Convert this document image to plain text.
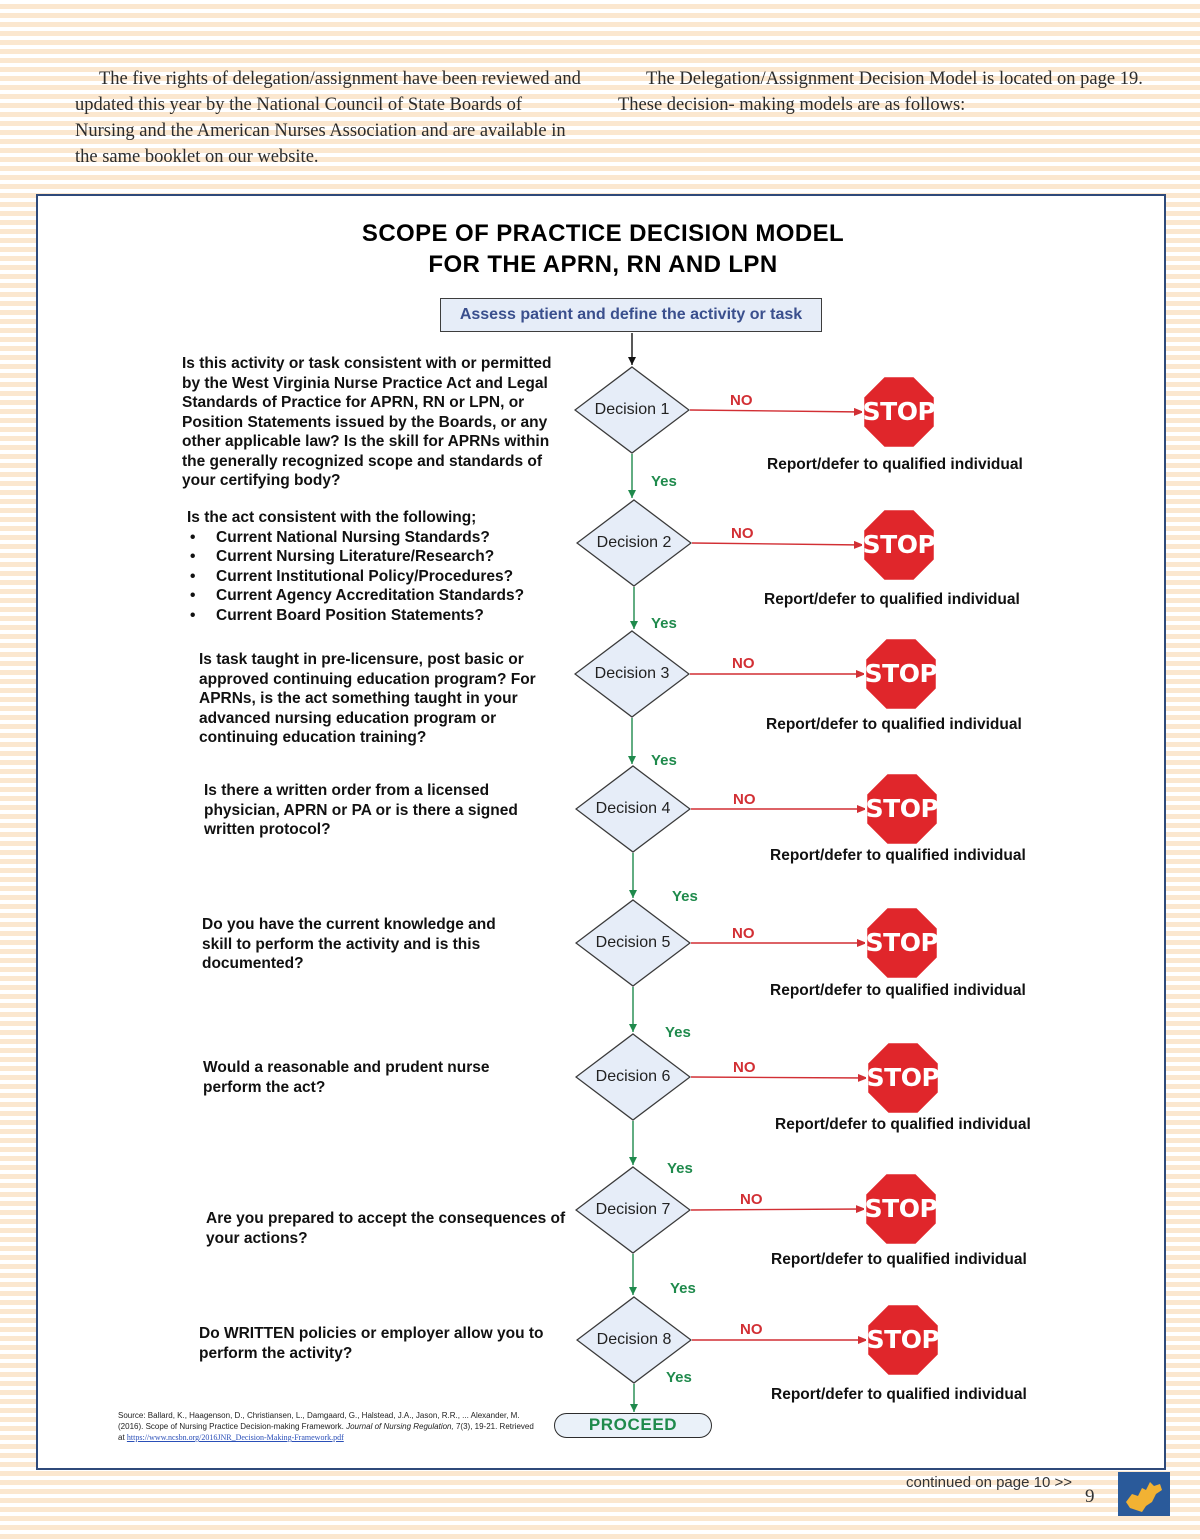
The five rights of delegation/assignment have been reviewed and updated this year by the National Council of State Boards of Nursing and the American Nurses Association and are available in the same booklet on our website.

The Delegation/Assignment Decision Model is located on page 19. These decision- making models are as follows:

SCOPE OF PRACTICE DECISION MODEL
FOR THE APRN, RN AND LPN
Assess patient and define the activity or task
Is this activity or task consistent with or permitted by the West Virginia Nurse Practice Act and Legal Standards of Practice for APRN, RN or LPN, or Position Statements issued by the Boards, or any other applicable law? Is the skill for APRNs within the generally recognized scope and standards of your certifying body?
Decision 1
NO
Yes
STOP
Report/defer to qualified individual
Is the act consistent with the following;
• Current National Nursing Standards?
• Current Nursing Literature/Research?
• Current Institutional Policy/Procedures?
• Current Agency Accreditation Standards?
• Current Board Position Statements?
Decision 2
NO
Yes
STOP
Report/defer to qualified individual
Is task taught in pre-licensure, post basic or approved continuing education program? For APRNs, is the act something taught in your advanced nursing education program or continuing education training?
Decision 3
NO
Yes
STOP
Report/defer to qualified individual
Is there a written order from a licensed physician, APRN or PA or is there a signed written protocol?
Decision 4
NO
Yes
STOP
Report/defer to qualified individual
Do you have the current knowledge and skill to perform the activity and is this documented?
Decision 5
NO
Yes
STOP
Report/defer to qualified individual
Would a reasonable and prudent nurse perform the act?
Decision 6
NO
Yes
STOP
Report/defer to qualified individual
Are you prepared to accept the consequences of your actions?
Decision 7
NO
Yes
STOP
Report/defer to qualified individual
Do WRITTEN policies or employer allow you to perform the activity?
Decision 8
NO
Yes
STOP
Report/defer to qualified individual
PROCEED
Source: Ballard, K., Haagenson, D., Christiansen, L., Damgaard, G., Halstead, J.A., Jason, R.R., ... Alexander, M. (2016). Scope of Nursing Practice Decision-making Framework. Journal of Nursing Regulation, 7(3), 19-21. Retrieved at https://www.ncsbn.org/2016JNR_Decision-Making-Framework.pdf
continued on page 10 >>
9
